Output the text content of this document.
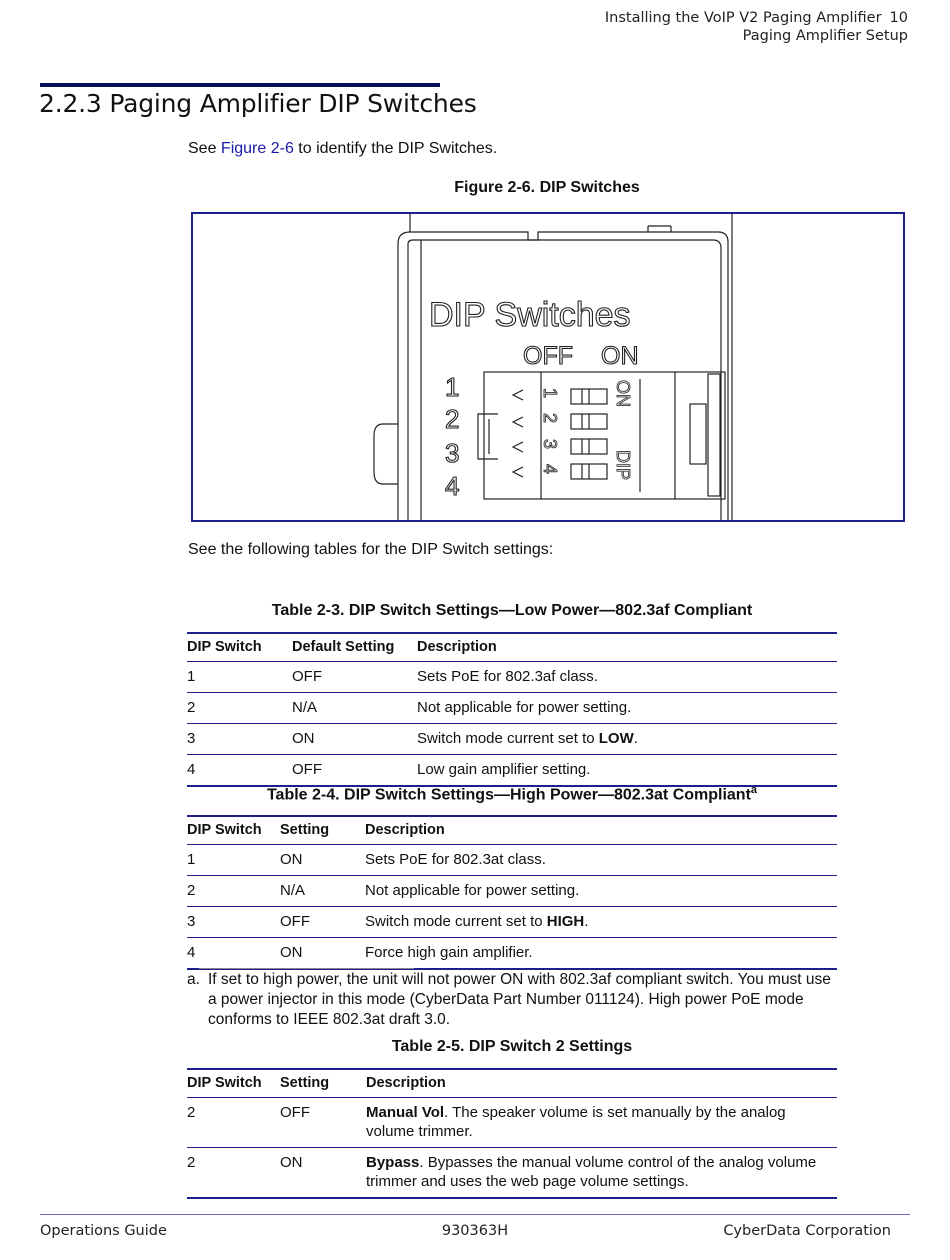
Installing the VoIP V2 Paging Amplifier 10
Paging Amplifier Setup
2.2.3 Paging Amplifier DIP Switches
See Figure 2-6 to identify the DIP Switches.
Figure 2-6. DIP Switches
DIP Switches
OFF ON
1
2
3
4
1
2
3
4
ON
DIP
See the following tables for the DIP Switch settings:
Table 2-3. DIP Switch Settings—Low Power—802.3af Compliant
DIP Switch	Default Setting	Description
1	OFF	Sets PoE for 802.3af class.
2	N/A	Not applicable for power setting.
3	ON	Switch mode current set to LOW.
4	OFF	Low gain amplifier setting.
Table 2-4. DIP Switch Settings—High Power—802.3at Compliant$^a$
DIP Switch	Setting	Description
1	ON	Sets PoE for 802.3at class.
2	N/A	Not applicable for power setting.
3	OFF	Switch mode current set to HIGH.
4	ON	Force high gain amplifier.
a. If set to high power, the unit will not power ON with 802.3af compliant switch. You must use a power injector in this mode (CyberData Part Number 011124). High power PoE mode conforms to IEEE 802.3at draft 3.0.
Table 2-5. DIP Switch 2 Settings
DIP Switch	Setting	Description
2	OFF	Manual Vol. The speaker volume is set manually by the analog volume trimmer.
2	ON	Bypass. Bypasses the manual volume control of the analog volume trimmer and uses the web page volume settings.
Operations Guide	930363H	CyberData Corporation
